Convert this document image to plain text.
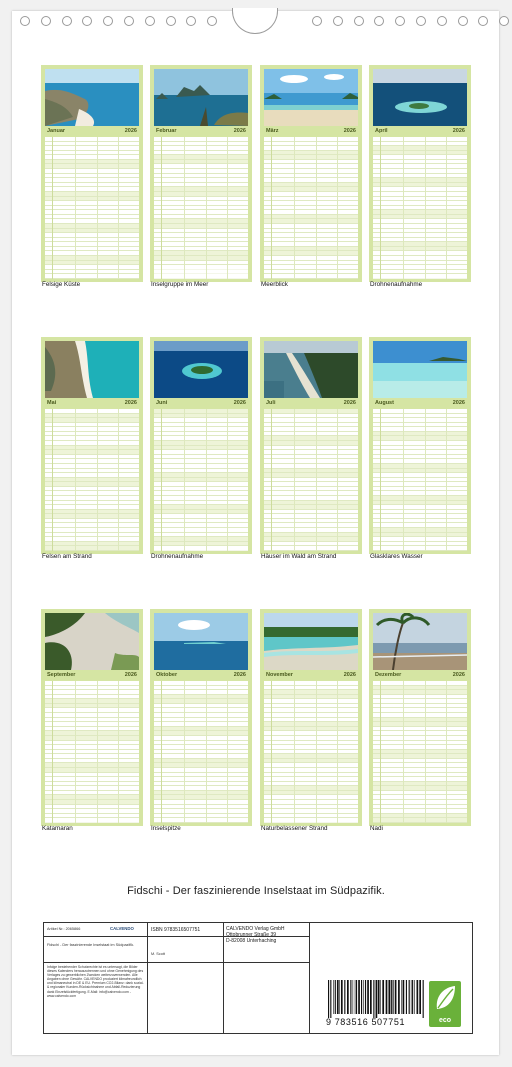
Januar	2026
Felsige Küste
Februar	2026
Inselgruppe im Meer
März	2026
Meerblick
April	2026
Drohnenaufnahme
Mai	2026
Felsen am Strand
Juni	2026
Drohnenaufnahme
Juli	2026
Häuser im Wald am Strand
August	2026
Glasklares Wasser
September	2026
Katamaran
Oktober	2026
Inselspitze
November	2026
Naturbelassener Strand
Dezember	2026
Nadi
Fidschi - Der faszinierende Inselstaat im Südpazifik.
Artikel Nr.: 2065866	CALVENDO
Fidschi - Der faszinierende Inselstaat im Südpazifik.
Infolge bestehender Schutzrechte ist es untersagt, die Bilder dieses Kalenders herauszutrennen und ohne Genehmigung des Verlages zu gewerblichen Zwecken weiterzuverwenden. Alle Angaben ohne Gewähr. CALVENDO produziert klimafreundlich und klimaneutral in DE & EU. Premium CO2-Bilanz: dank sozial- & regionaler Kunden-Rücksichtnahme und Abfall-Reduzierung dank Einzelstückfertigung. E-Mail: info@calvendo.com - www.calvendo.com
ISBN 9783516507751	CALVENDO Verlag GmbH
Ottobrunner Straße 39
D-82008 Unterhaching
M. Scott
9 783516 507751	eco
